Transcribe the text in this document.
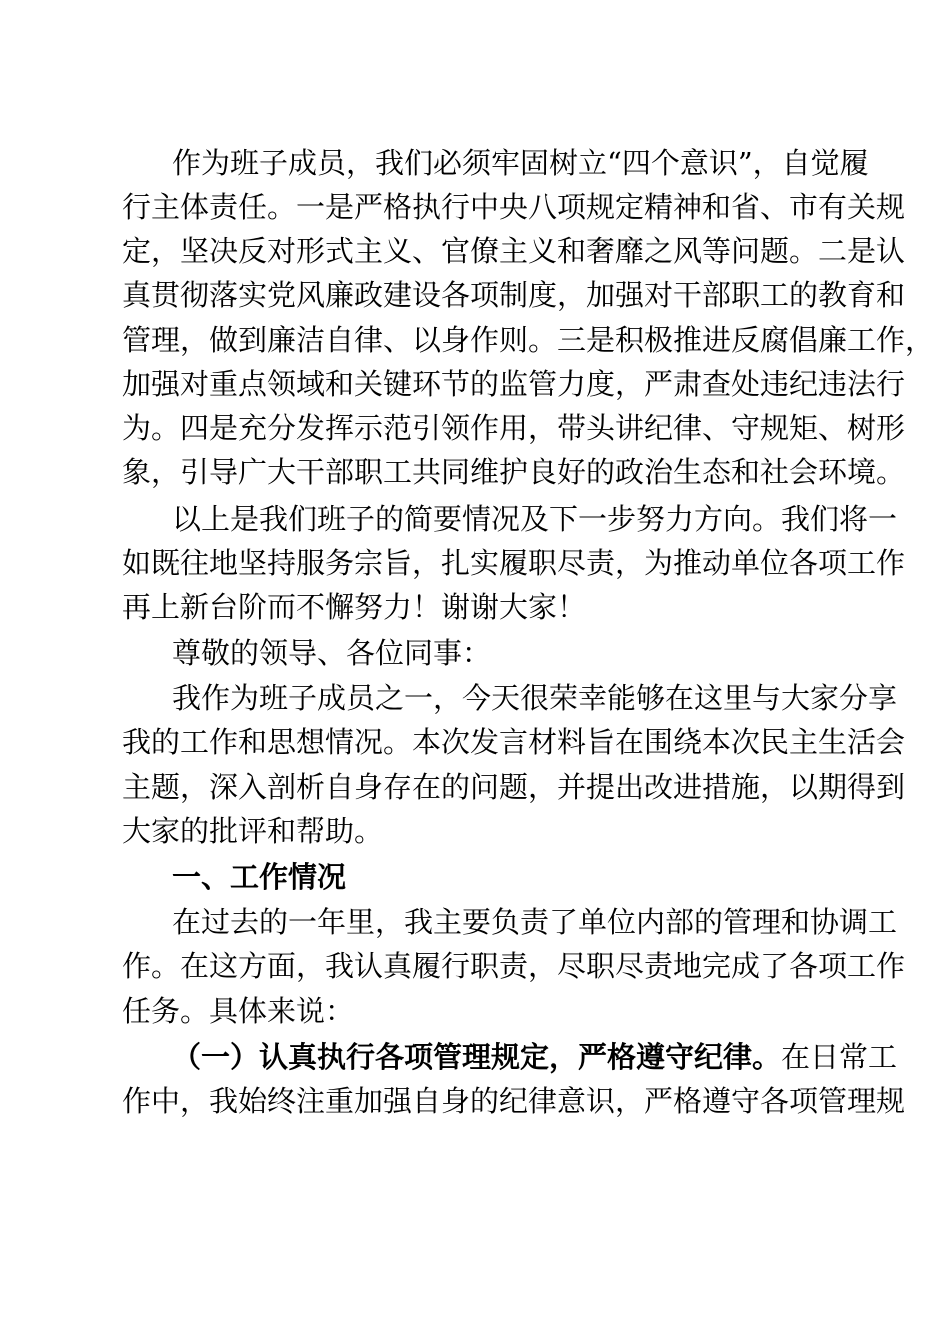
作为班子成员，我们必须牢固树立“四个意识”，自觉履
行主体责任。一是严格执行中央八项规定精神和省、市有关规
定，坚决反对形式主义、官僚主义和奢靡之风等问题。二是认
真贯彻落实党风廉政建设各项制度，加强对干部职工的教育和
管理，做到廉洁自律、以身作则。三是积极推进反腐倡廉工作，
加强对重点领域和关键环节的监管力度，严肃查处违纪违法行
为。四是充分发挥示范引领作用，带头讲纪律、守规矩、树形
象，引导广大干部职工共同维护良好的政治生态和社会环境。
以上是我们班子的简要情况及下一步努力方向。我们将一
如既往地坚持服务宗旨，扎实履职尽责，为推动单位各项工作
再上新台阶而不懈努力！谢谢大家！
尊敬的领导、各位同事：
我作为班子成员之一，今天很荣幸能够在这里与大家分享
我的工作和思想情况。本次发言材料旨在围绕本次民主生活会
主题，深入剖析自身存在的问题，并提出改进措施，以期得到
大家的批评和帮助。
一、工作情况
在过去的一年里，我主要负责了单位内部的管理和协调工
作。在这方面，我认真履行职责，尽职尽责地完成了各项工作
任务。具体来说：
（一）认真执行各项管理规定，严格遵守纪律。在日常工
作中，我始终注重加强自身的纪律意识，严格遵守各项管理规
